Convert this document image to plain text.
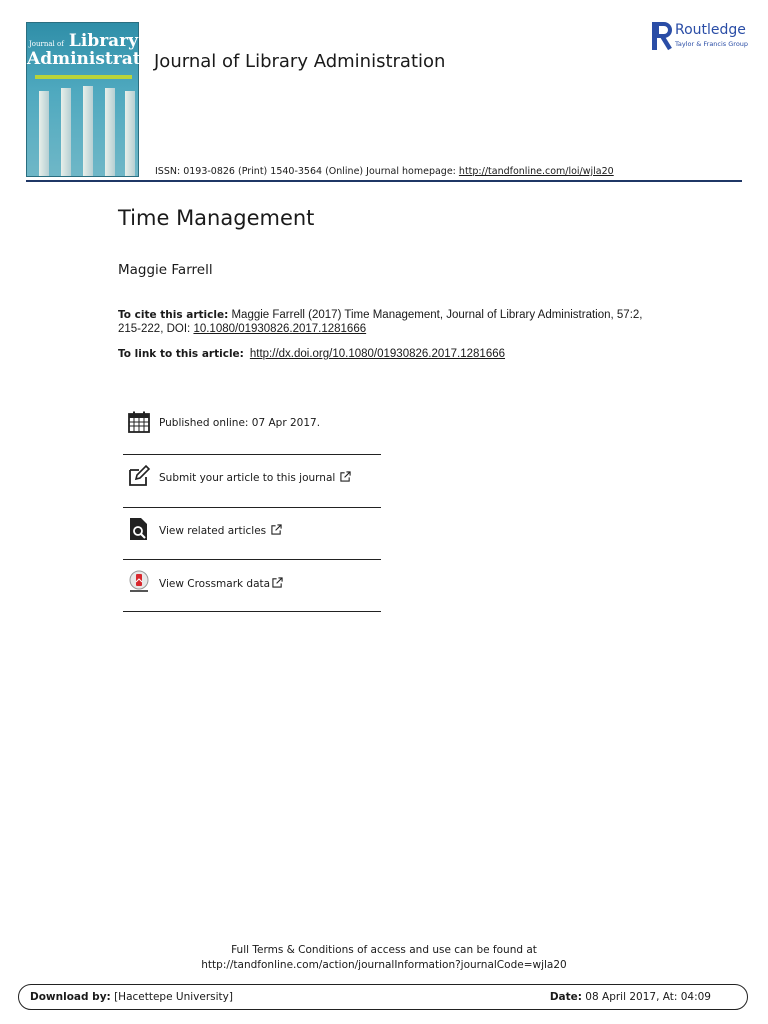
Journal of Library
Administration
Journal of Library Administration
Routledge
Taylor & Francis Group
ISSN: 0193-0826 (Print) 1540-3564 (Online) Journal homepage: http://tandfonline.com/loi/wjla20
Time Management
Maggie Farrell
To cite this article: Maggie Farrell (2017) Time Management, Journal of Library Administration, 57:2, 215-222, DOI: 10.1080/01930826.2017.1281666
To link to this article: http://dx.doi.org/10.1080/01930826.2017.1281666
Published online: 07 Apr 2017.
Submit your article to this journal
View related articles
View Crossmark data
Full Terms & Conditions of access and use can be found at
http://tandfonline.com/action/journalInformation?journalCode=wjla20
Download by: [Hacettepe University]	Date: 08 April 2017, At: 04:09
